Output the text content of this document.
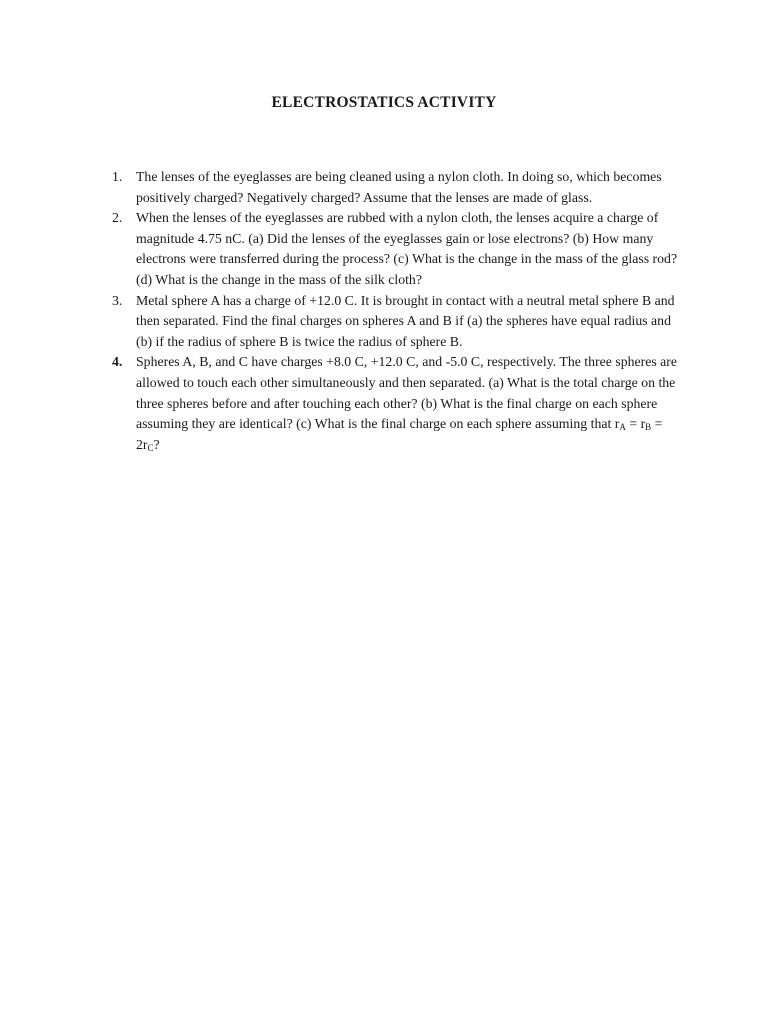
ELECTROSTATICS ACTIVITY
1. The lenses of the eyeglasses are being cleaned using a nylon cloth. In doing so, which becomes positively charged? Negatively charged? Assume that the lenses are made of glass.
2. When the lenses of the eyeglasses are rubbed with a nylon cloth, the lenses acquire a charge of magnitude 4.75 nC. (a) Did the lenses of the eyeglasses gain or lose electrons? (b) How many electrons were transferred during the process? (c) What is the change in the mass of the glass rod? (d) What is the change in the mass of the silk cloth?
3. Metal sphere A has a charge of +12.0 C. It is brought in contact with a neutral metal sphere B and then separated. Find the final charges on spheres A and B if (a) the spheres have equal radius and (b) if the radius of sphere B is twice the radius of sphere B.
4. Spheres A, B, and C have charges +8.0 C, +12.0 C, and -5.0 C, respectively. The three spheres are allowed to touch each other simultaneously and then separated. (a) What is the total charge on the three spheres before and after touching each other? (b) What is the final charge on each sphere assuming they are identical? (c) What is the final charge on each sphere assuming that $r_A = r_B = 2r_C$?
